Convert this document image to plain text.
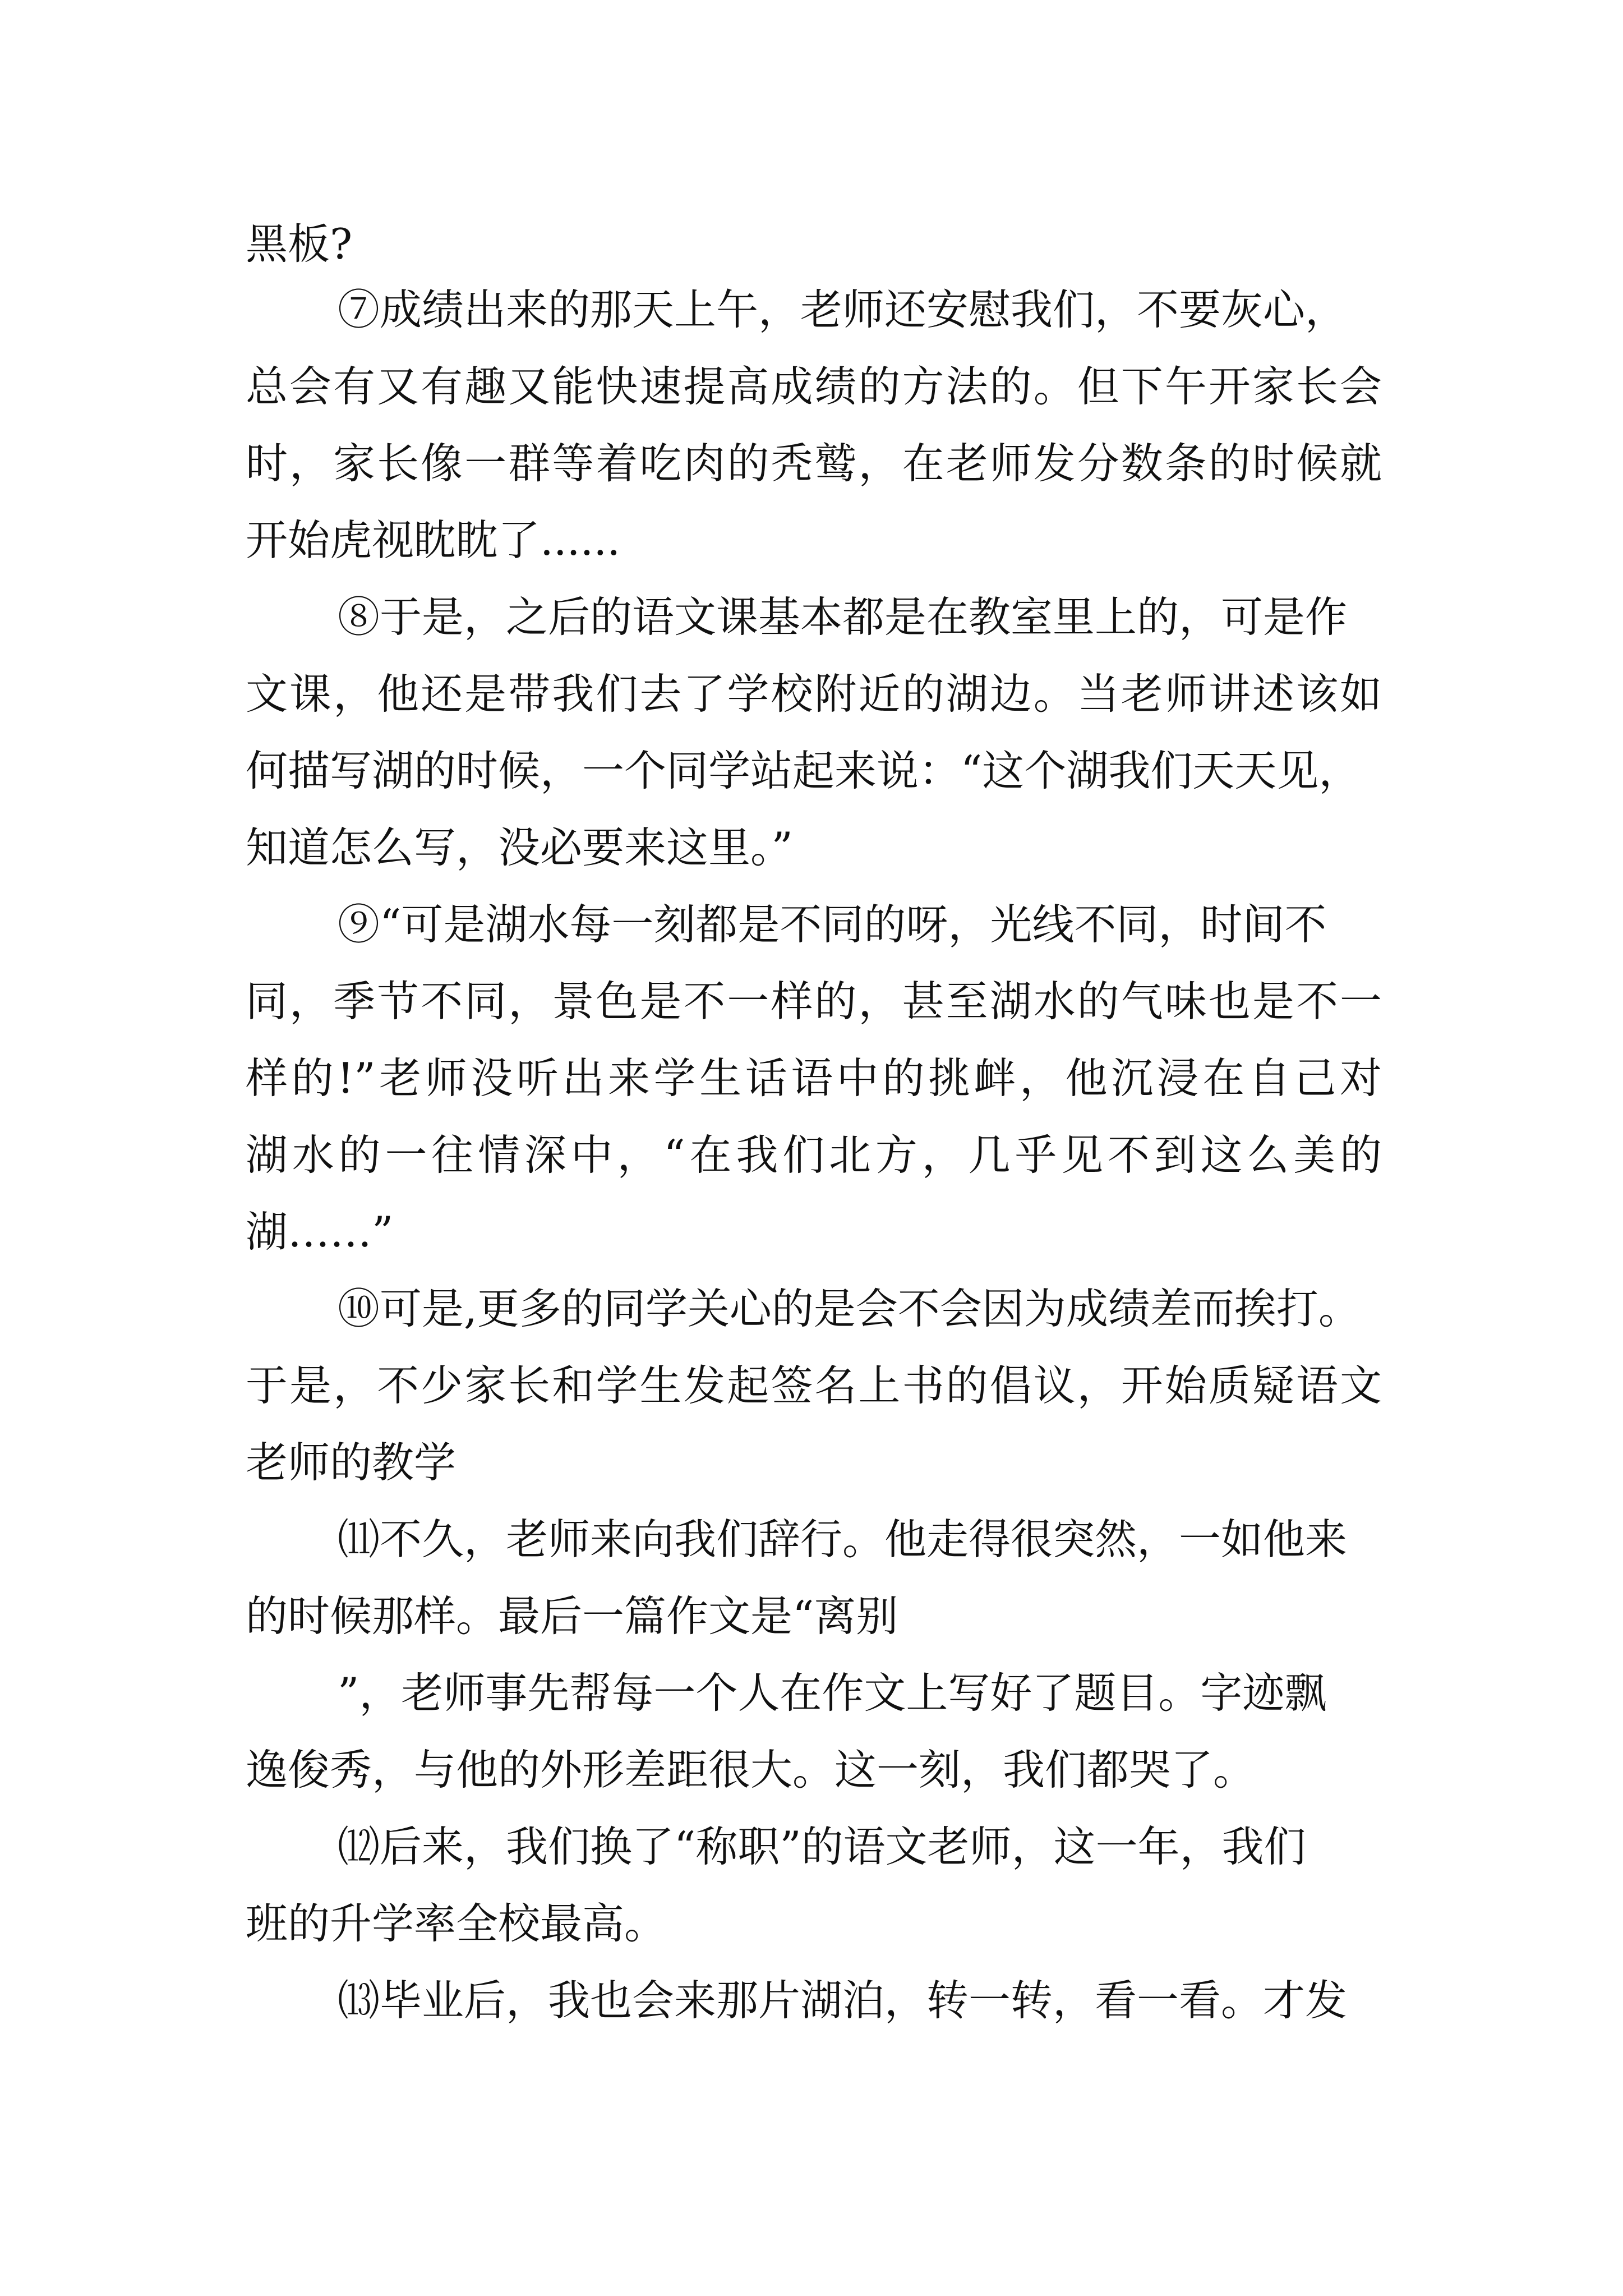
黑板?
⑦成绩出来的那天上午，老师还安慰我们，不要灰心，
总会有又有趣又能快速提高成绩的方法的。但下午开家长会
时，家长像一群等着吃肉的秃鹫，在老师发分数条的时候就
开始虎视眈眈了......
⑧于是，之后的语文课基本都是在教室里上的，可是作
文课，他还是带我们去了学校附近的湖边。当老师讲述该如
何描写湖的时候，一个同学站起来说：“这个湖我们天天见，
知道怎么写，没必要来这里。”
⑨“可是湖水每一刻都是不同的呀，光线不同，时间不
同，季节不同，景色是不一样的，甚至湖水的气味也是不一
样的!”老师没听出来学生话语中的挑衅，他沉浸在自己对
湖水的一往情深中，“在我们北方，几乎见不到这么美的
湖……”
⑩可是,更多的同学关心的是会不会因为成绩差而挨打。
于是，不少家长和学生发起签名上书的倡议，开始质疑语文
老师的教学
⑾不久，老师来向我们辞行。他走得很突然，一如他来
的时候那样。最后一篇作文是“离别
”，老师事先帮每一个人在作文上写好了题目。字迹飘
逸俊秀，与他的外形差距很大。这一刻，我们都哭了。
⑿后来，我们换了“称职”的语文老师，这一年，我们
班的升学率全校最高。
⒀毕业后，我也会来那片湖泊，转一转，看一看。才发
